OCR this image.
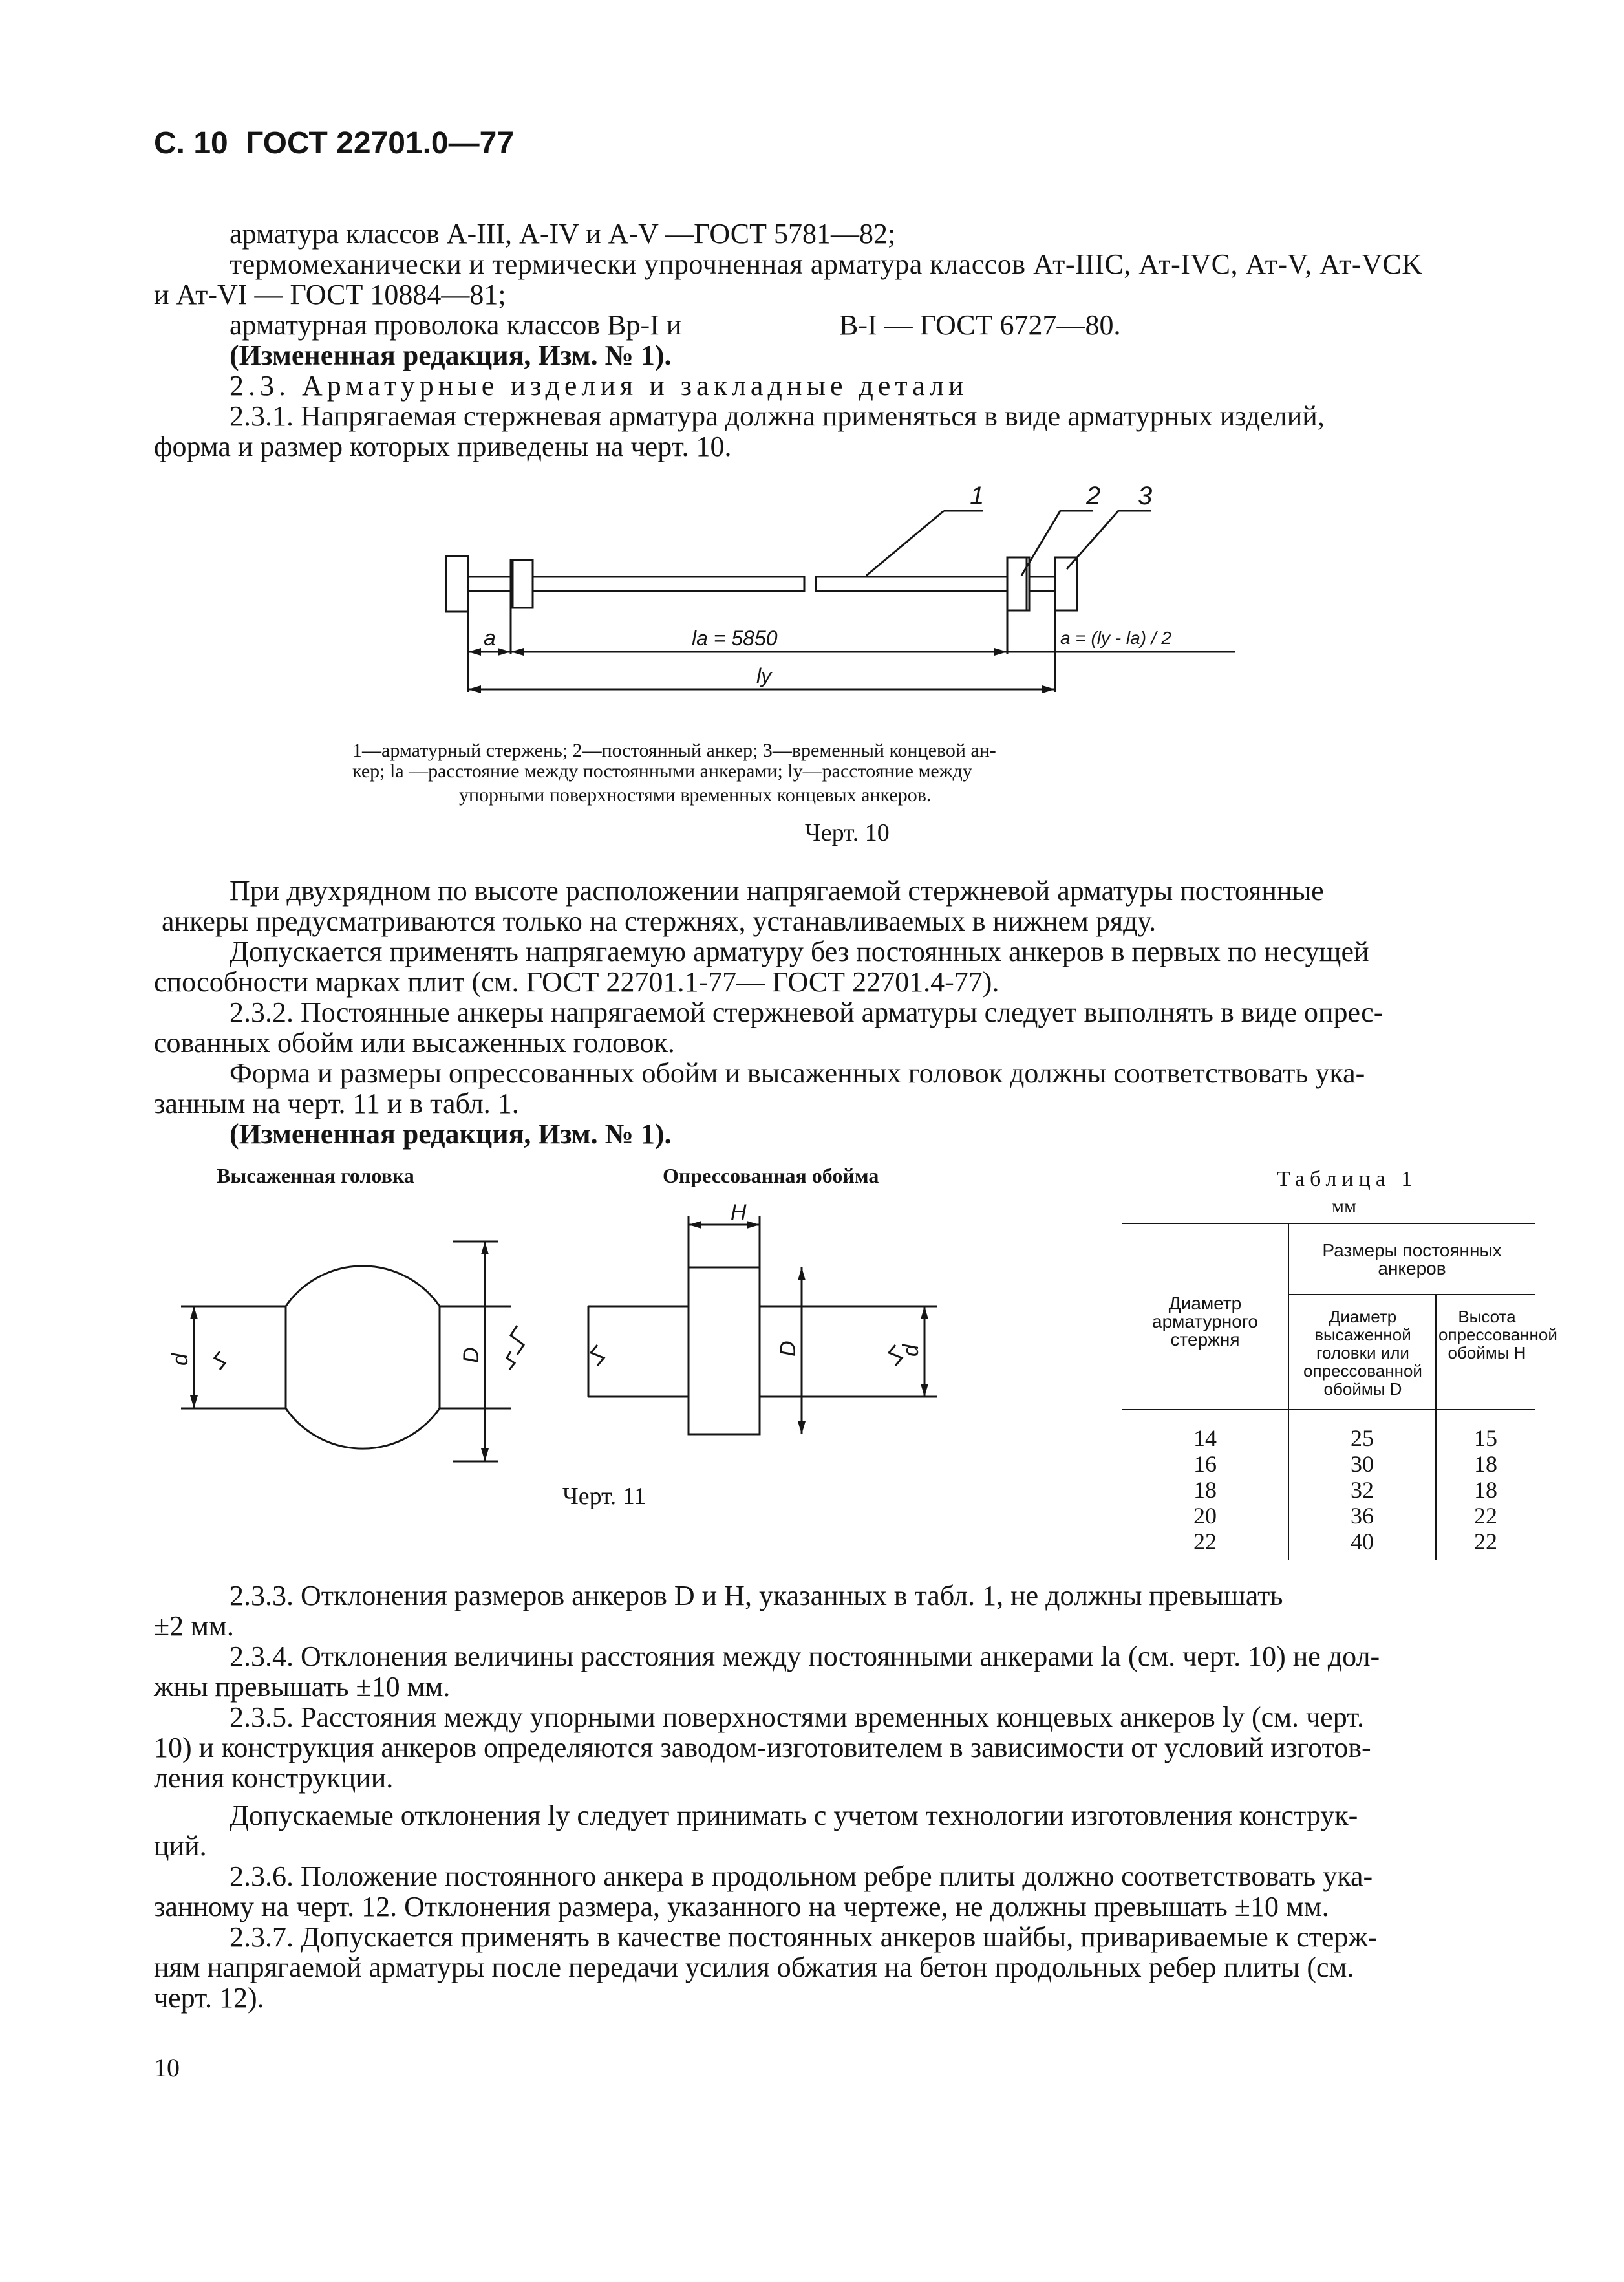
С. 10 ГОСТ 22701.0—77
арматура классов А-III, А-IV и А-V —ГОСТ 5781—82;
термомеханически и термически упрочненная арматура классов Ат-IIIС, Ат-IVС, Ат-V, Ат-VCK
и Ат-VI — ГОСТ 10884—81;
арматурная проволока классов Вр-I и	В-I — ГОСТ 6727—80.
(Измененная редакция, Изм. № 1).
2.3. Арматурные изделия и закладные детали
2.3.1. Напрягаемая стержневая арматура должна применяться в виде арматурных изделий,
форма и размер которых приведены на черт. 10.
1	2 3
a	la = 5850
ly
a = (ly - la) / 2
1—арматурный стержень; 2—постоянный анкер; 3—временный концевой ан-
кер; la —расстояние между постоянными анкерами; ly—расстояние между
упорными поверхностями временных концевых анкеров.
Черт. 10
При двухрядном по высоте расположении напрягаемой стержневой арматуры постоянные
анкеры предусматриваются только на стержнях, устанавливаемых в нижнем ряду.
Допускается применять напрягаемую арматуру без постоянных анкеров в первых по несущей
способности марках плит (см. ГОСТ 22701.1-77— ГОСТ 22701.4-77).
2.3.2. Постоянные анкеры напрягаемой стержневой арматуры следует выполнять в виде опрес-
сованных обойм или высаженных головок.
Форма и размеры опрессованных обойм и высаженных головок должны соответствовать ука-
занным на черт. 11 и в табл. 1.
(Измененная редакция, Изм. № 1).
Высаженная головка	Опрессованная обойма
d	D
H
D	d
Черт. 11
Таблица 1
мм
Диаметр арматурного стержня
Размеры постоянных анкеров
Диаметр высаженной головки или опрессованной обоймы D
Высота опрессованной обоймы H
14	25	15
16	30	18
18	32	18
20	36	22
22	40	22
2.3.3. Отклонения размеров анкеров D и H, указанных в табл. 1, не должны превышать
±2 мм.
2.3.4. Отклонения величины расстояния между постоянными анкерами la (см. черт. 10) не дол-
жны превышать ±10 мм.
2.3.5. Расстояния между упорными поверхностями временных концевых анкеров ly (см. черт.
10) и конструкция анкеров определяются заводом-изготовителем в зависимости от условий изготов-
ления конструкции.
Допускаемые отклонения ly следует принимать с учетом технологии изготовления конструк-
ций.
2.3.6. Положение постоянного анкера в продольном ребре плиты должно соответствовать ука-
занному на черт. 12. Отклонения размера, указанного на чертеже, не должны превышать ±10 мм.
2.3.7. Допускается применять в качестве постоянных анкеров шайбы, привариваемые к стерж-
ням напрягаемой арматуры после передачи усилия обжатия на бетон продольных ребер плиты (см.
черт. 12).
10
